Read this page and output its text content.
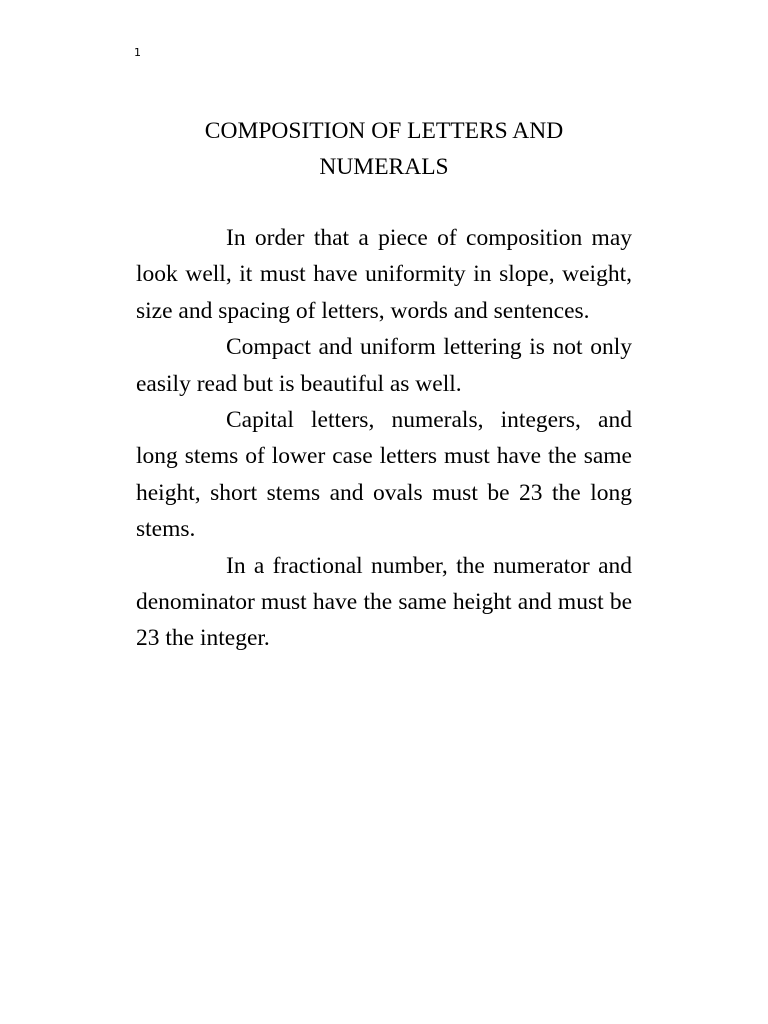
1
COMPOSITION OF LETTERS AND
NUMERALS

In order that a piece of composition may look well, it must have uniformity in slope, weight, size and spacing of letters, words and sentences.

Compact and uniform lettering is not only easily read but is beautiful as well.

Capital letters, numerals, integers, and long stems of lower case letters must have the same height, short stems and ovals must be 23 the long stems.

In a fractional number, the numerator and denominator must have the same height and must be 23 the integer.
